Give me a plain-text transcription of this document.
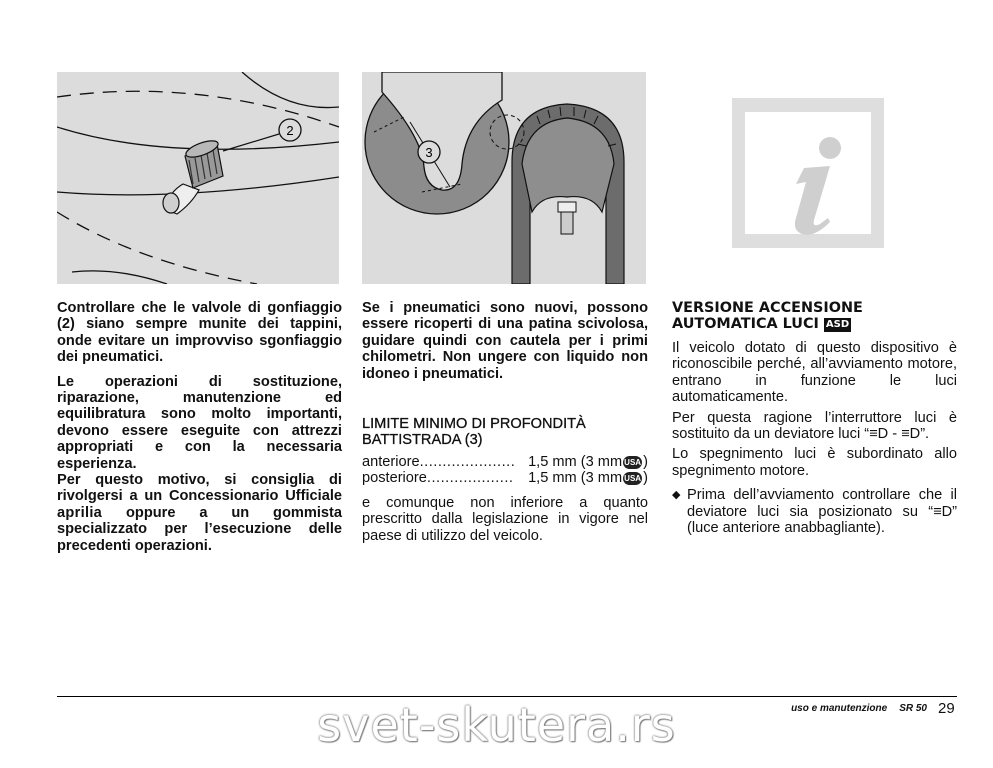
2
3

Controllare che le valvole di gonfiaggio (2) siano sempre munite dei tappini, onde evitare un improvviso sgonfiaggio dei pneumatici.

Le operazioni di sostituzione, riparazione, manutenzione ed equilibratura sono molto importanti, devono essere eseguite con attrezzi appropriati e con la necessaria esperienza.

Per questo motivo, si consiglia di rivolgersi a un Concessionario Ufficiale aprilia oppure a un gommista specializzato per l’esecuzione delle precedenti operazioni.

Se i pneumatici sono nuovi, possono essere ricoperti di una patina scivolosa, guidare quindi con cautela per i primi chilometri. Non ungere con liquido non idoneo i pneumatici.

LIMITE MINIMO DI PROFONDITÀ BATTISTRADA (3)

anteriore ..................... 1,5 mm (3 mm USA )
posteriore ...................	1,5 mm (3 mm USA )

e comunque non inferiore a quanto prescritto dalla legislazione in vigore nel paese di utilizzo del veicolo.

VERSIONE ACCENSIONE
AUTOMATICA LUCI ASD

Il veicolo dotato di questo dispositivo è riconoscibile perché, all’avviamento motore, entrano in funzione le luci automaticamente.

Per questa ragione l’interruttore luci è sostituito da un deviatore luci “≡D - ≡D”.

Lo spegnimento luci è subordinato allo spegnimento motore.

◆ Prima dell’avviamento controllare che il deviatore luci sia posizionato su “≡D” (luce anteriore anabbagliante).

uso e manutenzione SR 50 29
svet-skutera.rs
